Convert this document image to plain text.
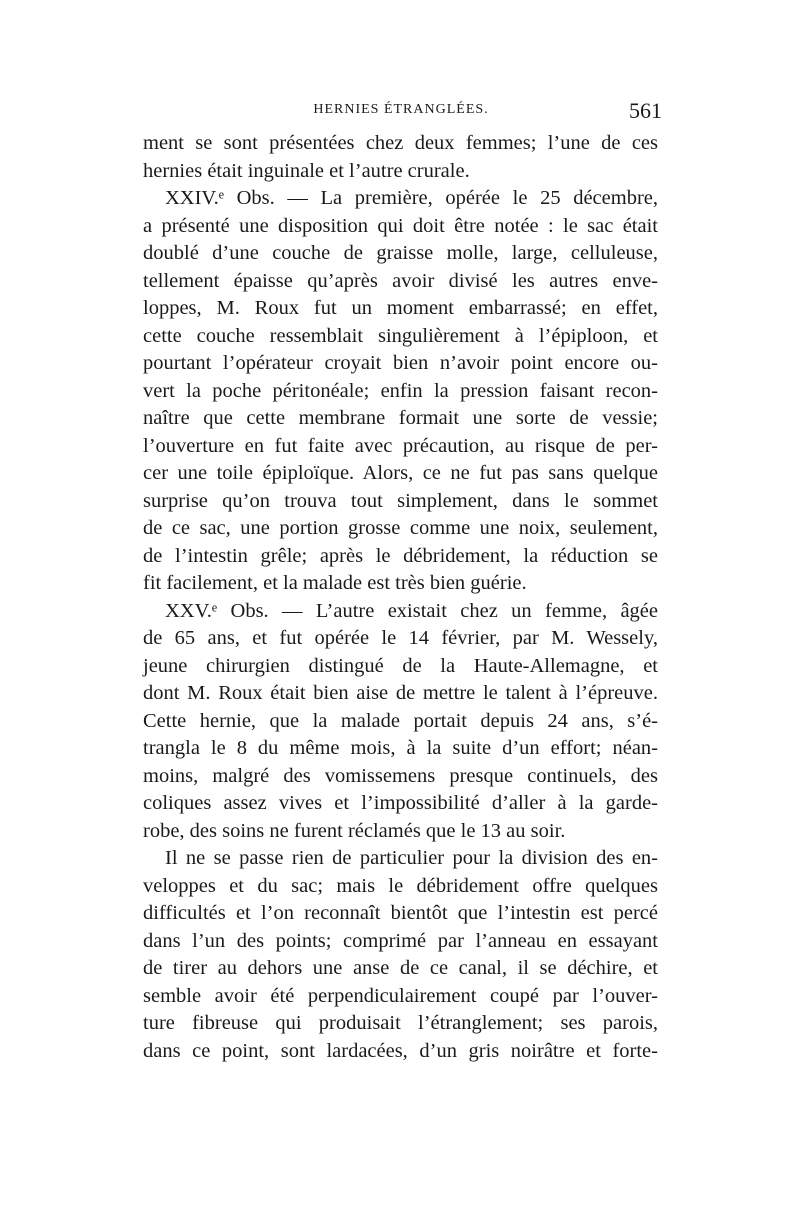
HERNIES ÉTRANGLÉES.	561
ment se sont présentées chez deux femmes; l’une de ces
hernies était inguinale et l’autre crurale.
XXIV.ᵉ Obs. — La première, opérée le 25 décembre,
a présenté une disposition qui doit être notée : le sac était
doublé d’une couche de graisse molle, large, celluleuse,
tellement épaisse qu’après avoir divisé les autres enve-
loppes, M. Roux fut un moment embarrassé; en effet,
cette couche ressemblait singulièrement à l’épiploon, et
pourtant l’opérateur croyait bien n’avoir point encore ou-
vert la poche péritonéale; enfin la pression faisant recon-
naître que cette membrane formait une sorte de vessie;
l’ouverture en fut faite avec précaution, au risque de per-
cer une toile épiploïque. Alors, ce ne fut pas sans quelque
surprise qu’on trouva tout simplement, dans le sommet
de ce sac, une portion grosse comme une noix, seulement,
de l’intestin grêle; après le débridement, la réduction se
fit facilement, et la malade est très bien guérie.
XXV.ᵉ Obs. — L’autre existait chez un femme, âgée
de 65 ans, et fut opérée le 14 février, par M. Wessely,
jeune chirurgien distingué de la Haute-Allemagne, et
dont M. Roux était bien aise de mettre le talent à l’épreuve.
Cette hernie, que la malade portait depuis 24 ans, s’é-
trangla le 8 du même mois, à la suite d’un effort; néan-
moins, malgré des vomissemens presque continuels, des
coliques assez vives et l’impossibilité d’aller à la garde-
robe, des soins ne furent réclamés que le 13 au soir.
Il ne se passe rien de particulier pour la division des en-
veloppes et du sac; mais le débridement offre quelques
difficultés et l’on reconnaît bientôt que l’intestin est percé
dans l’un des points; comprimé par l’anneau en essayant
de tirer au dehors une anse de ce canal, il se déchire, et
semble avoir été perpendiculairement coupé par l’ouver-
ture fibreuse qui produisait l’étranglement; ses parois,
dans ce point, sont lardacées, d’un gris noirâtre et forte-
